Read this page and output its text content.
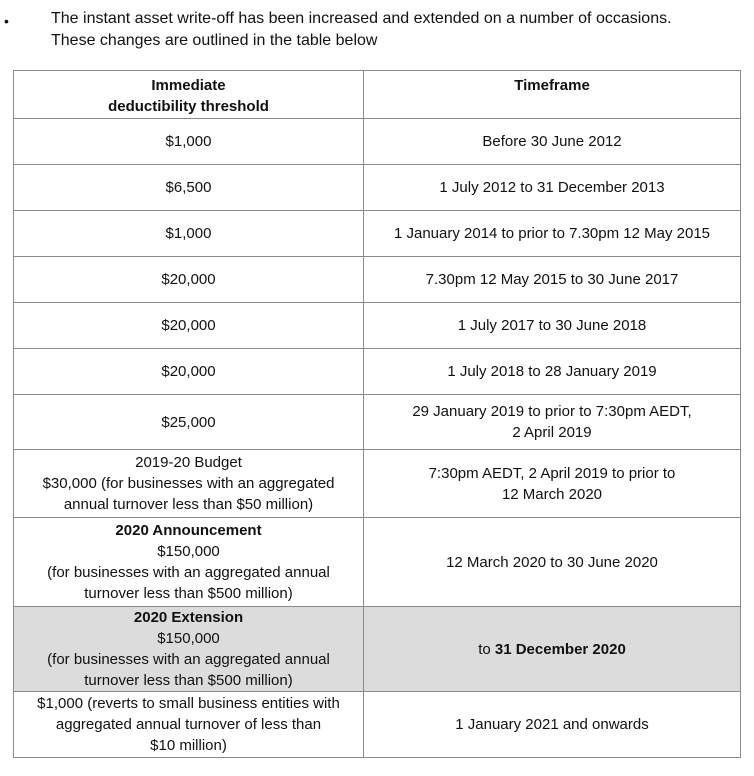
•	The instant asset write-off has been increased and extended on a number of occasions.
These changes are outlined in the table below
Immediate
deductibility threshold	Timeframe
$1,000	Before 30 June 2012
$6,500	1 July 2012 to 31 December 2013
$1,000	1 January 2014 to prior to 7.30pm 12 May 2015
$20,000	7.30pm 12 May 2015 to 30 June 2017
$20,000	1 July 2017 to 30 June 2018
$20,000	1 July 2018 to 28 January 2019
$25,000	29 January 2019 to prior to 7:30pm AEDT,
2 April 2019

2019-20 Budget
$30,000 (for businesses with an aggregated
annual turnover less than $50 million)	7:30pm AEDT, 2 April 2019 to prior to
12 March 2020

2020 Announcement
$150,000
(for businesses with an aggregated annual
turnover less than $500 million)	12 March 2020 to 30 June 2020

2020 Extension
$150,000
(for businesses with an aggregated annual
turnover less than $500 million)	to 31 December 2020

$1,000 (reverts to small business entities with
aggregated annual turnover of less than
$10 million)	1 January 2021 and onwards
